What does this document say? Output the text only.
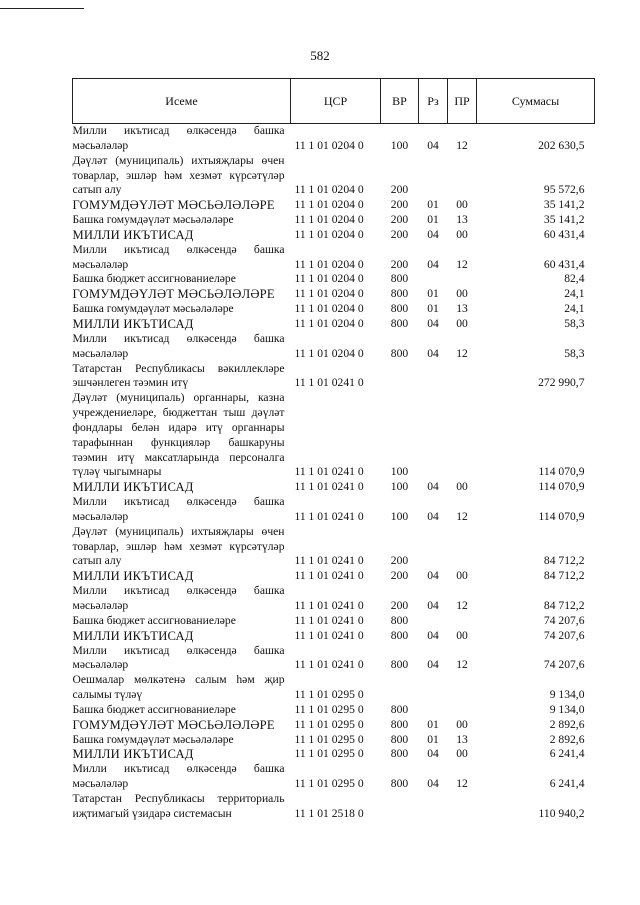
582
Исеме	ЦСР	ВР	Рз	ПР	Суммасы
Милли икътисад өлкәсендә башка мәсьәләләр	11 1 01 0204 0	100	04	12	202 630,5
Дәүләт (муниципаль) ихтыяҗлары өчен товарлар, эшләр һәм хезмәт күрсәтүләр сатып алу	11 1 01 0204 0	200			95 572,6
ГОМУМДӘҮЛӘТ МӘСЬӘЛӘЛӘРЕ	11 1 01 0204 0	200	01	00	35 141,2
Башка гомумдәүләт мәсьәләләре	11 1 01 0204 0	200	01	13	35 141,2
МИЛЛИ ИКЪТИСАД	11 1 01 0204 0	200	04	00	60 431,4
Милли икътисад өлкәсендә башка мәсьәләләр	11 1 01 0204 0	200	04	12	60 431,4
Башка бюджет ассигнованиеләре	11 1 01 0204 0	800			82,4
ГОМУМДӘҮЛӘТ МӘСЬӘЛӘЛӘРЕ	11 1 01 0204 0	800	01	00	24,1
Башка гомумдәүләт мәсьәләләре	11 1 01 0204 0	800	01	13	24,1
МИЛЛИ ИКЪТИСАД	11 1 01 0204 0	800	04	00	58,3
Милли икътисад өлкәсендә башка мәсьәләләр	11 1 01 0204 0	800	04	12	58,3
Татарстан Республикасы вәкиллекләре эшчәнлеген тәэмин итү	11 1 01 0241 0				272 990,7
Дәүләт (муниципаль) органнары, казна учреждениеләре, бюджеттан тыш дәүләт фондлары белән идарә итү органнары тарафыннан функцияләр башкаруны тәэмин итү максатларында персоналга түләү чыгымнары	11 1 01 0241 0	100			114 070,9
МИЛЛИ ИКЪТИСАД	11 1 01 0241 0	100	04	00	114 070,9
Милли икътисад өлкәсендә башка мәсьәләләр	11 1 01 0241 0	100	04	12	114 070,9
Дәүләт (муниципаль) ихтыяҗлары өчен товарлар, эшләр һәм хезмәт күрсәтүләр сатып алу	11 1 01 0241 0	200			84 712,2
МИЛЛИ ИКЪТИСАД	11 1 01 0241 0	200	04	00	84 712,2
Милли икътисад өлкәсендә башка мәсьәләләр	11 1 01 0241 0	200	04	12	84 712,2
Башка бюджет ассигнованиеләре	11 1 01 0241 0	800			74 207,6
МИЛЛИ ИКЪТИСАД	11 1 01 0241 0	800	04	00	74 207,6
Милли икътисад өлкәсендә башка мәсьәләләр	11 1 01 0241 0	800	04	12	74 207,6
Оешмалар мөлкәтенә салым һәм җир салымы түләү	11 1 01 0295 0				9 134,0
Башка бюджет ассигнованиеләре	11 1 01 0295 0	800			9 134,0
ГОМУМДӘҮЛӘТ МӘСЬӘЛӘЛӘРЕ	11 1 01 0295 0	800	01	00	2 892,6
Башка гомумдәүләт мәсьәләләре	11 1 01 0295 0	800	01	13	2 892,6
МИЛЛИ ИКЪТИСАД	11 1 01 0295 0	800	04	00	6 241,4
Милли икътисад өлкәсендә башка мәсьәләләр	11 1 01 0295 0	800	04	12	6 241,4
Татарстан Республикасы территориаль иҗтимагый үзидарә системасын	11 1 01 2518 0				110 940,2
